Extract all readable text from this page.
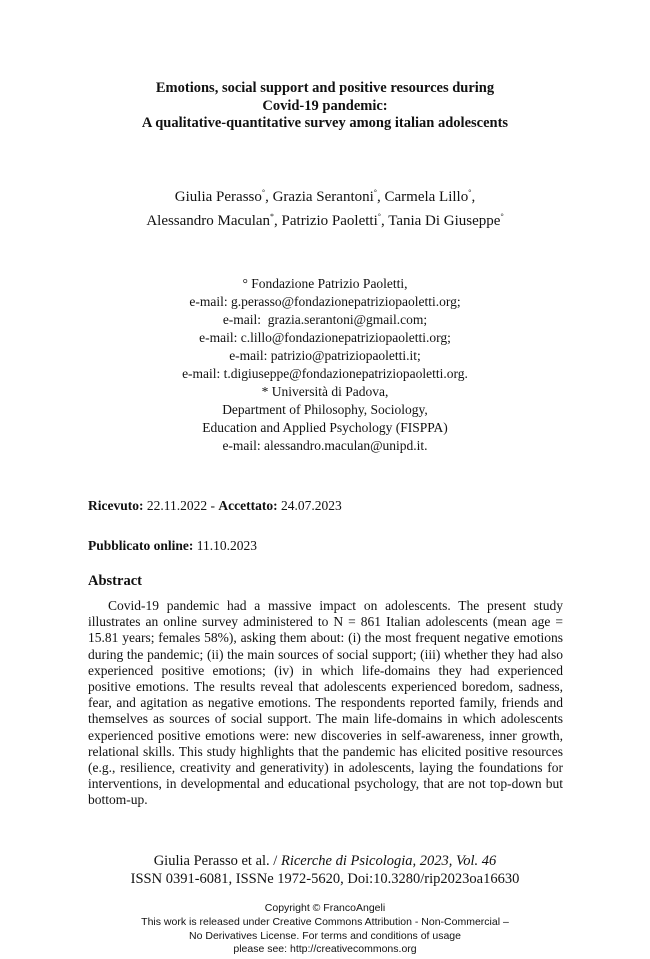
Emotions, social support and positive resources during
Covid-19 pandemic:
A qualitative-quantitative survey among italian adolescents
Giulia Perasso°, Grazia Serantoni°, Carmela Lillo°,
Alessandro Maculan*, Patrizio Paoletti°, Tania Di Giuseppe°
° Fondazione Patrizio Paoletti,
e-mail: g.perasso@fondazionepatriziopaoletti.org;
e-mail:  grazia.serantoni@gmail.com;
e-mail: c.lillo@fondazionepatriziopaoletti.org;
e-mail: patrizio@patriziopaoletti.it;
e-mail: t.digiuseppe@fondazionepatriziopaoletti.org.
* Università di Padova,
Department of Philosophy, Sociology,
Education and Applied Psychology (FISPPA)
e-mail: alessandro.maculan@unipd.it.
Ricevuto: 22.11.2022 - Accettato: 24.07.2023
Pubblicato online: 11.10.2023
Abstract
Covid-19 pandemic had a massive impact on adolescents. The present study illustrates an online survey administered to N = 861 Italian adolescents (mean age = 15.81 years; females 58%), asking them about: (i) the most frequent negative emotions during the pandemic; (ii) the main sources of social support; (iii) whether they had also experienced positive emotions; (iv) in which life-domains they had experienced positive emotions. The results reveal that adolescents experienced boredom, sadness, fear, and agitation as negative emotions. The respondents reported family, friends and themselves as sources of social support. The main life-domains in which adolescents experienced positive emotions were: new discoveries in self-awareness, inner growth, relational skills. This study highlights that the pandemic has elicited positive resources (e.g., resilience, creativity and generativity) in adolescents, laying the foundations for interventions, in developmental and educational psychology, that are not top-down but bottom-up.
Giulia Perasso et al. / Ricerche di Psicologia, 2023, Vol. 46
ISSN 0391-6081, ISSNe 1972-5620, Doi:10.3280/rip2023oa16630
Copyright © FrancoAngeli
This work is released under Creative Commons Attribution - Non-Commercial –
No Derivatives License. For terms and conditions of usage
please see: http://creativecommons.org
